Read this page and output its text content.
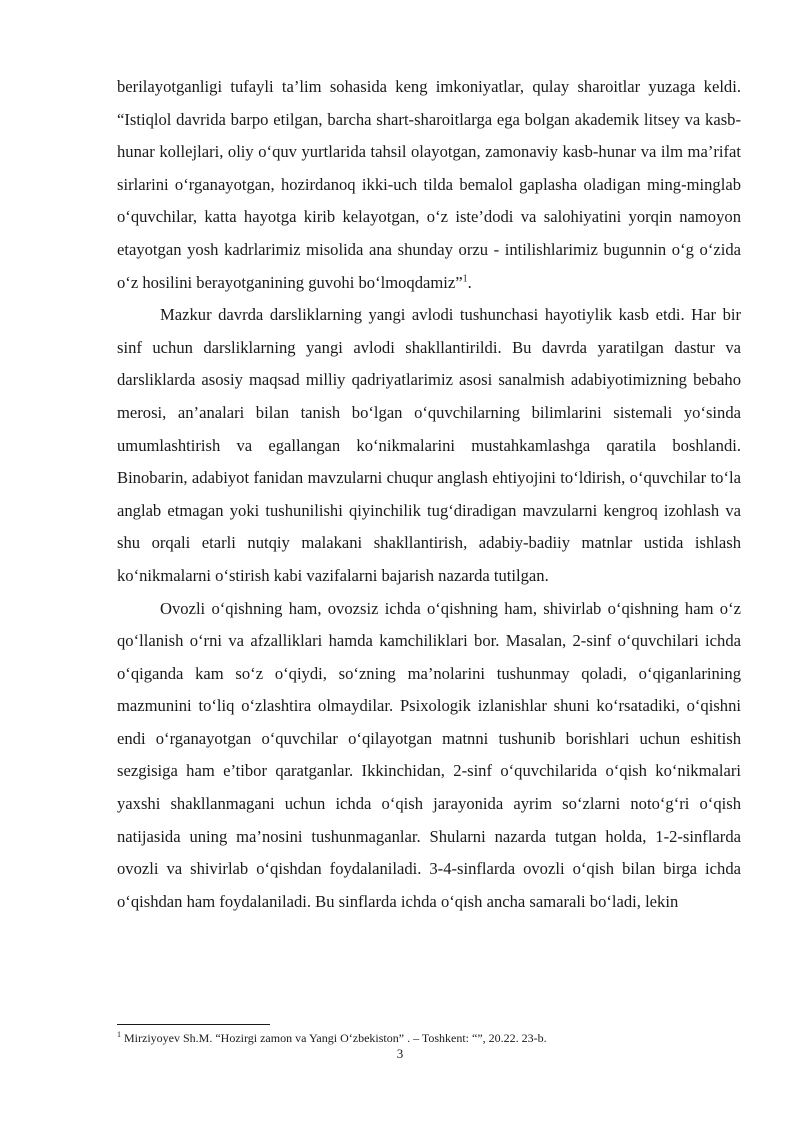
berilayotganligi tufayli ta’lim sohasida keng imkoniyatlar, qulay sharoitlar yuzaga keldi. “Istiqlol davrida barpo etilgan, barcha shart-sharoitlarga ega bolgan akademik litsey va kasb-hunar kollejlari, oliy o‘quv yurtlarida tahsil olayotgan, zamonaviy kasb-hunar va ilm ma’rifat sirlarini o‘rganayotgan, hozirdanoq ikki-uch tilda bemalol gaplasha oladigan ming-minglab o‘quvchilar, katta hayotga kirib kelayotgan, o‘z iste’dodi va salohiyatini yorqin namoyon etayotgan yosh kadrlarimiz misolida ana shunday orzu - intilishlarimiz bugunnin o‘g o‘zida o‘z hosilini berayotganining guvohi bo‘lmoqdamiz”$^1$.

Mazkur davrda darsliklarning yangi avlodi tushunchasi hayotiylik kasb etdi. Har bir sinf uchun darsliklarning yangi avlodi shakllantirildi. Bu davrda yaratilgan dastur va darsliklarda asosiy maqsad milliy qadriyatlarimiz asosi sanalmish adabiyotimizning bebaho merosi, an’analari bilan tanish bo‘lgan o‘quvchilarning bilimlarini sistemali yo‘sinda umumlashtirish va egallangan ko‘nikmalarini mustahkamlashga qaratila boshlandi. Binobarin, adabiyot fanidan mavzularni chuqur anglash ehtiyojini to‘ldirish, o‘quvchilar to‘la anglab etmagan yoki tushunilishi qiyinchilik tug‘diradigan mavzularni kengroq izohlash va shu orqali etarli nutqiy malakani shakllantirish, adabiy-badiiy matnlar ustida ishlash ko‘nikmalarni o‘stirish kabi vazifalarni bajarish nazarda tutilgan.

Ovozli o‘qishning ham, ovozsiz ichda o‘qishning ham, shivirlab o‘qishning ham o‘z qo‘llanish o‘rni va afzalliklari hamda kamchiliklari bor. Masalan, 2-sinf o‘quvchilari ichda o‘qiganda kam so‘z o‘qiydi, so‘zning ma’nolarini tushunmay qoladi, o‘qiganlarining mazmunini to‘liq o‘zlashtira olmaydilar. Psixologik izlanishlar shuni ko‘rsatadiki, o‘qishni endi o‘rganayotgan o‘quvchilar o‘qilayotgan matnni tushunib borishlari uchun eshitish sezgisiga ham e’tibor qaratganlar. Ikkinchidan, 2-sinf o‘quvchilarida o‘qish ko‘nikmalari yaxshi shakllanmagani uchun ichda o‘qish jarayonida ayrim so‘zlarni noto‘g‘ri o‘qish natijasida uning ma’nosini tushunmaganlar. Shularni nazarda tutgan holda, 1-2-sinflarda ovozli va shivirlab o‘qishdan foydalaniladi. 3-4-sinflarda ovozli o‘qish bilan birga ichda o‘qishdan ham foydalaniladi. Bu sinflarda ichda o‘qish ancha samarali bo‘ladi, lekin

$^1$ Mirziyoyev Sh.M. “Hozirgi zamon va Yangi O‘zbekiston” . – Toshkent: “”, 20.22. 23-b.

3
